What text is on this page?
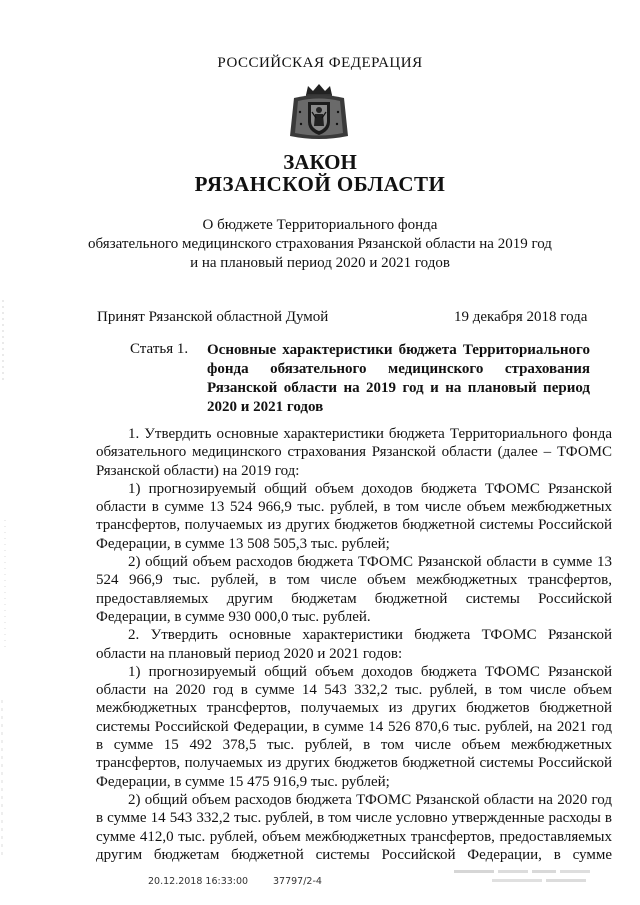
РОССИЙСКАЯ ФЕДЕРАЦИЯ
ЗАКОН
РЯЗАНСКОЙ ОБЛАСТИ
О бюджете Территориального фонда
обязательного медицинского страхования Рязанской области на 2019 год
и на плановый период 2020 и 2021 годов
Принят Рязанской областной Думой	19 декабря 2018 года
Статья 1. Основные характеристики бюджета Территориального фонда обязательного медицинского страхования Рязанской области на 2019 год и на плановый период 2020 и 2021 годов

1. Утвердить основные характеристики бюджета Территориального фонда обязательного медицинского страхования Рязанской области (далее – ТФОМС Рязанской области) на 2019 год:

1) прогнозируемый общий объем доходов бюджета ТФОМС Рязанской области в сумме 13 524 966,9 тыс. рублей, в том числе объем межбюджетных трансфертов, получаемых из других бюджетов бюджетной системы Российской Федерации, в сумме 13 508 505,3 тыс. рублей;

2) общий объем расходов бюджета ТФОМС Рязанской области в сумме 13 524 966,9 тыс. рублей, в том числе объем межбюджетных трансфертов, предоставляемых другим бюджетам бюджетной системы Российской Федерации, в сумме 930 000,0 тыс. рублей.

2. Утвердить основные характеристики бюджета ТФОМС Рязанской области на плановый период 2020 и 2021 годов:

1) прогнозируемый общий объем доходов бюджета ТФОМС Рязанской области на 2020 год в сумме 14 543 332,2 тыс. рублей, в том числе объем межбюджетных трансфертов, получаемых из других бюджетов бюджетной системы Российской Федерации, в сумме 14 526 870,6 тыс. рублей, на 2021 год в сумме 15 492 378,5 тыс. рублей, в том числе объем межбюджетных трансфертов, получаемых из других бюджетов бюджетной системы Российской Федерации, в сумме 15 475 916,9 тыс. рублей;

2) общий объем расходов бюджета ТФОМС Рязанской области на 2020 год в сумме 14 543 332,2 тыс. рублей, в том числе условно утвержденные расходы в сумме 412,0 тыс. рублей, объем межбюджетных трансфертов, предоставляемых другим бюджетам бюджетной системы Российской Федерации, в сумме

20.12.2018 16:33:00	37797/2-4
